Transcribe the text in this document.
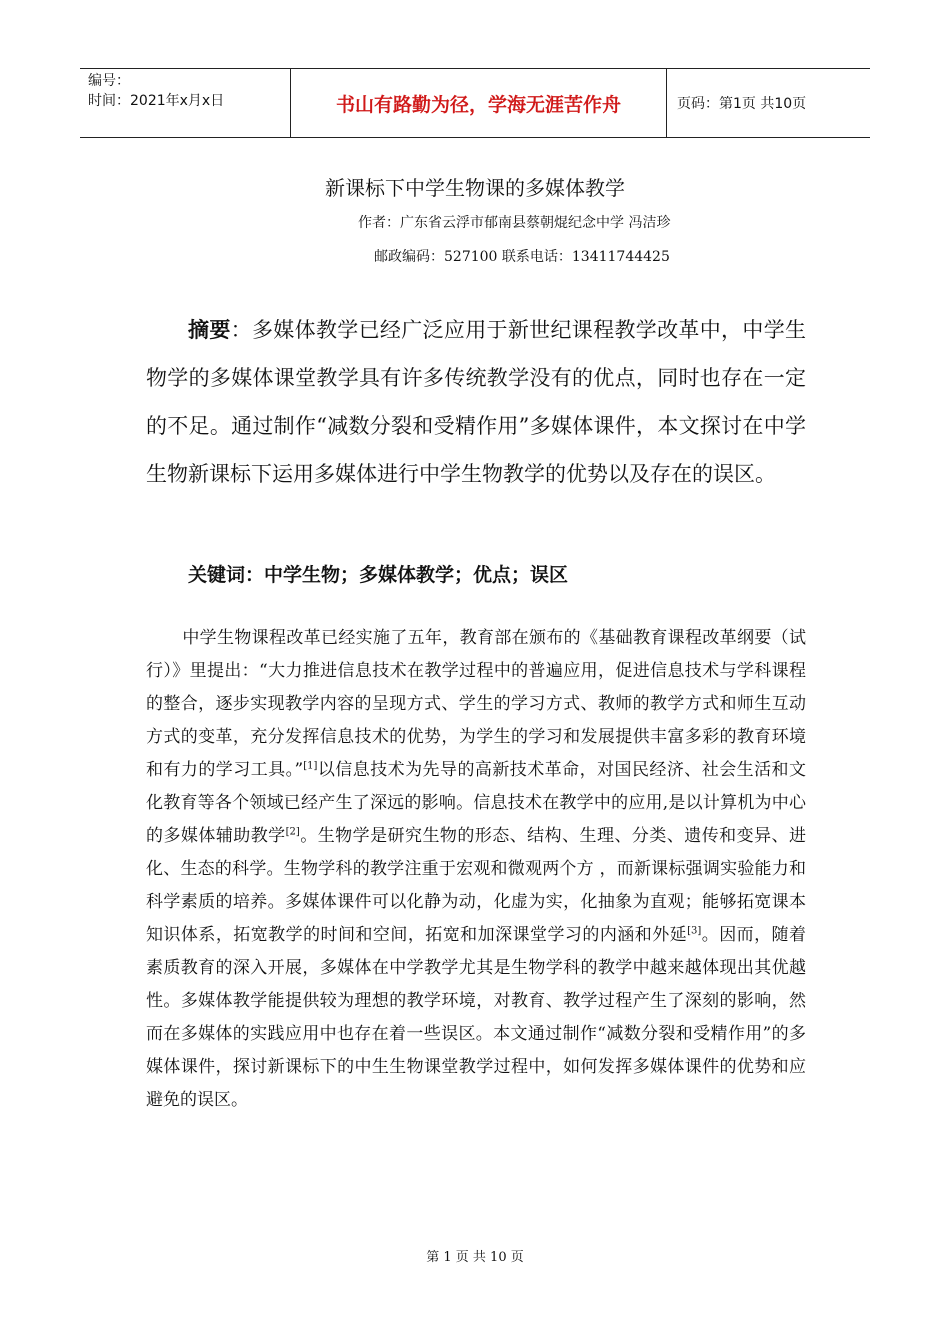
编号：
时间：2021年x月x日	书山有路勤为径，学海无涯苦作舟	页码：第1页 共10页
新课标下中学生物课的多媒体教学
作者：广东省云浮市郁南县蔡朝焜纪念中学 冯洁珍
邮政编码：527100 联系电话：13411744425
摘要：多媒体教学已经广泛应用于新世纪课程教学改革中，中学生物学的多媒体课堂教学具有许多传统教学没有的优点，同时也存在一定的不足。通过制作“减数分裂和受精作用”多媒体课件，本文探讨在中学生物新课标下运用多媒体进行中学生物教学的优势以及存在的误区。
关键词：中学生物；多媒体教学；优点；误区
中学生物课程改革已经实施了五年，教育部在颁布的《基础教育课程改革纲要（试行）》里提出：“大力推进信息技术在教学过程中的普遍应用，促进信息技术与学科课程的整合，逐步实现教学内容的呈现方式、学生的学习方式、教师的教学方式和师生互动方式的变革，充分发挥信息技术的优势，为学生的学习和发展提供丰富多彩的教育环境和有力的学习工具。”[1]以信息技术为先导的高新技术革命，对国民经济、社会生活和文化教育等各个领域已经产生了深远的影响。信息技术在教学中的应用,是以计算机为中心的多媒体辅助教学[2]。生物学是研究生物的形态、结构、生理、分类、遗传和变异、进化、生态的科学。生物学科的教学注重于宏观和微观两个方 ，而新课标强调实验能力和科学素质的培养。多媒体课件可以化静为动，化虚为实，化抽象为直观；能够拓宽课本知识体系，拓宽教学的时间和空间，拓宽和加深课堂学习的内涵和外延[3]。因而，随着素质教育的深入开展，多媒体在中学教学尤其是生物学科的教学中越来越体现出其优越性。多媒体教学能提供较为理想的教学环境，对教育、教学过程产生了深刻的影响，然而在多媒体的实践应用中也存在着一些误区。本文通过制作“减数分裂和受精作用”的多媒体课件，探讨新课标下的中生生物课堂教学过程中，如何发挥多媒体课件的优势和应避免的误区。
第 1 页 共 10 页
